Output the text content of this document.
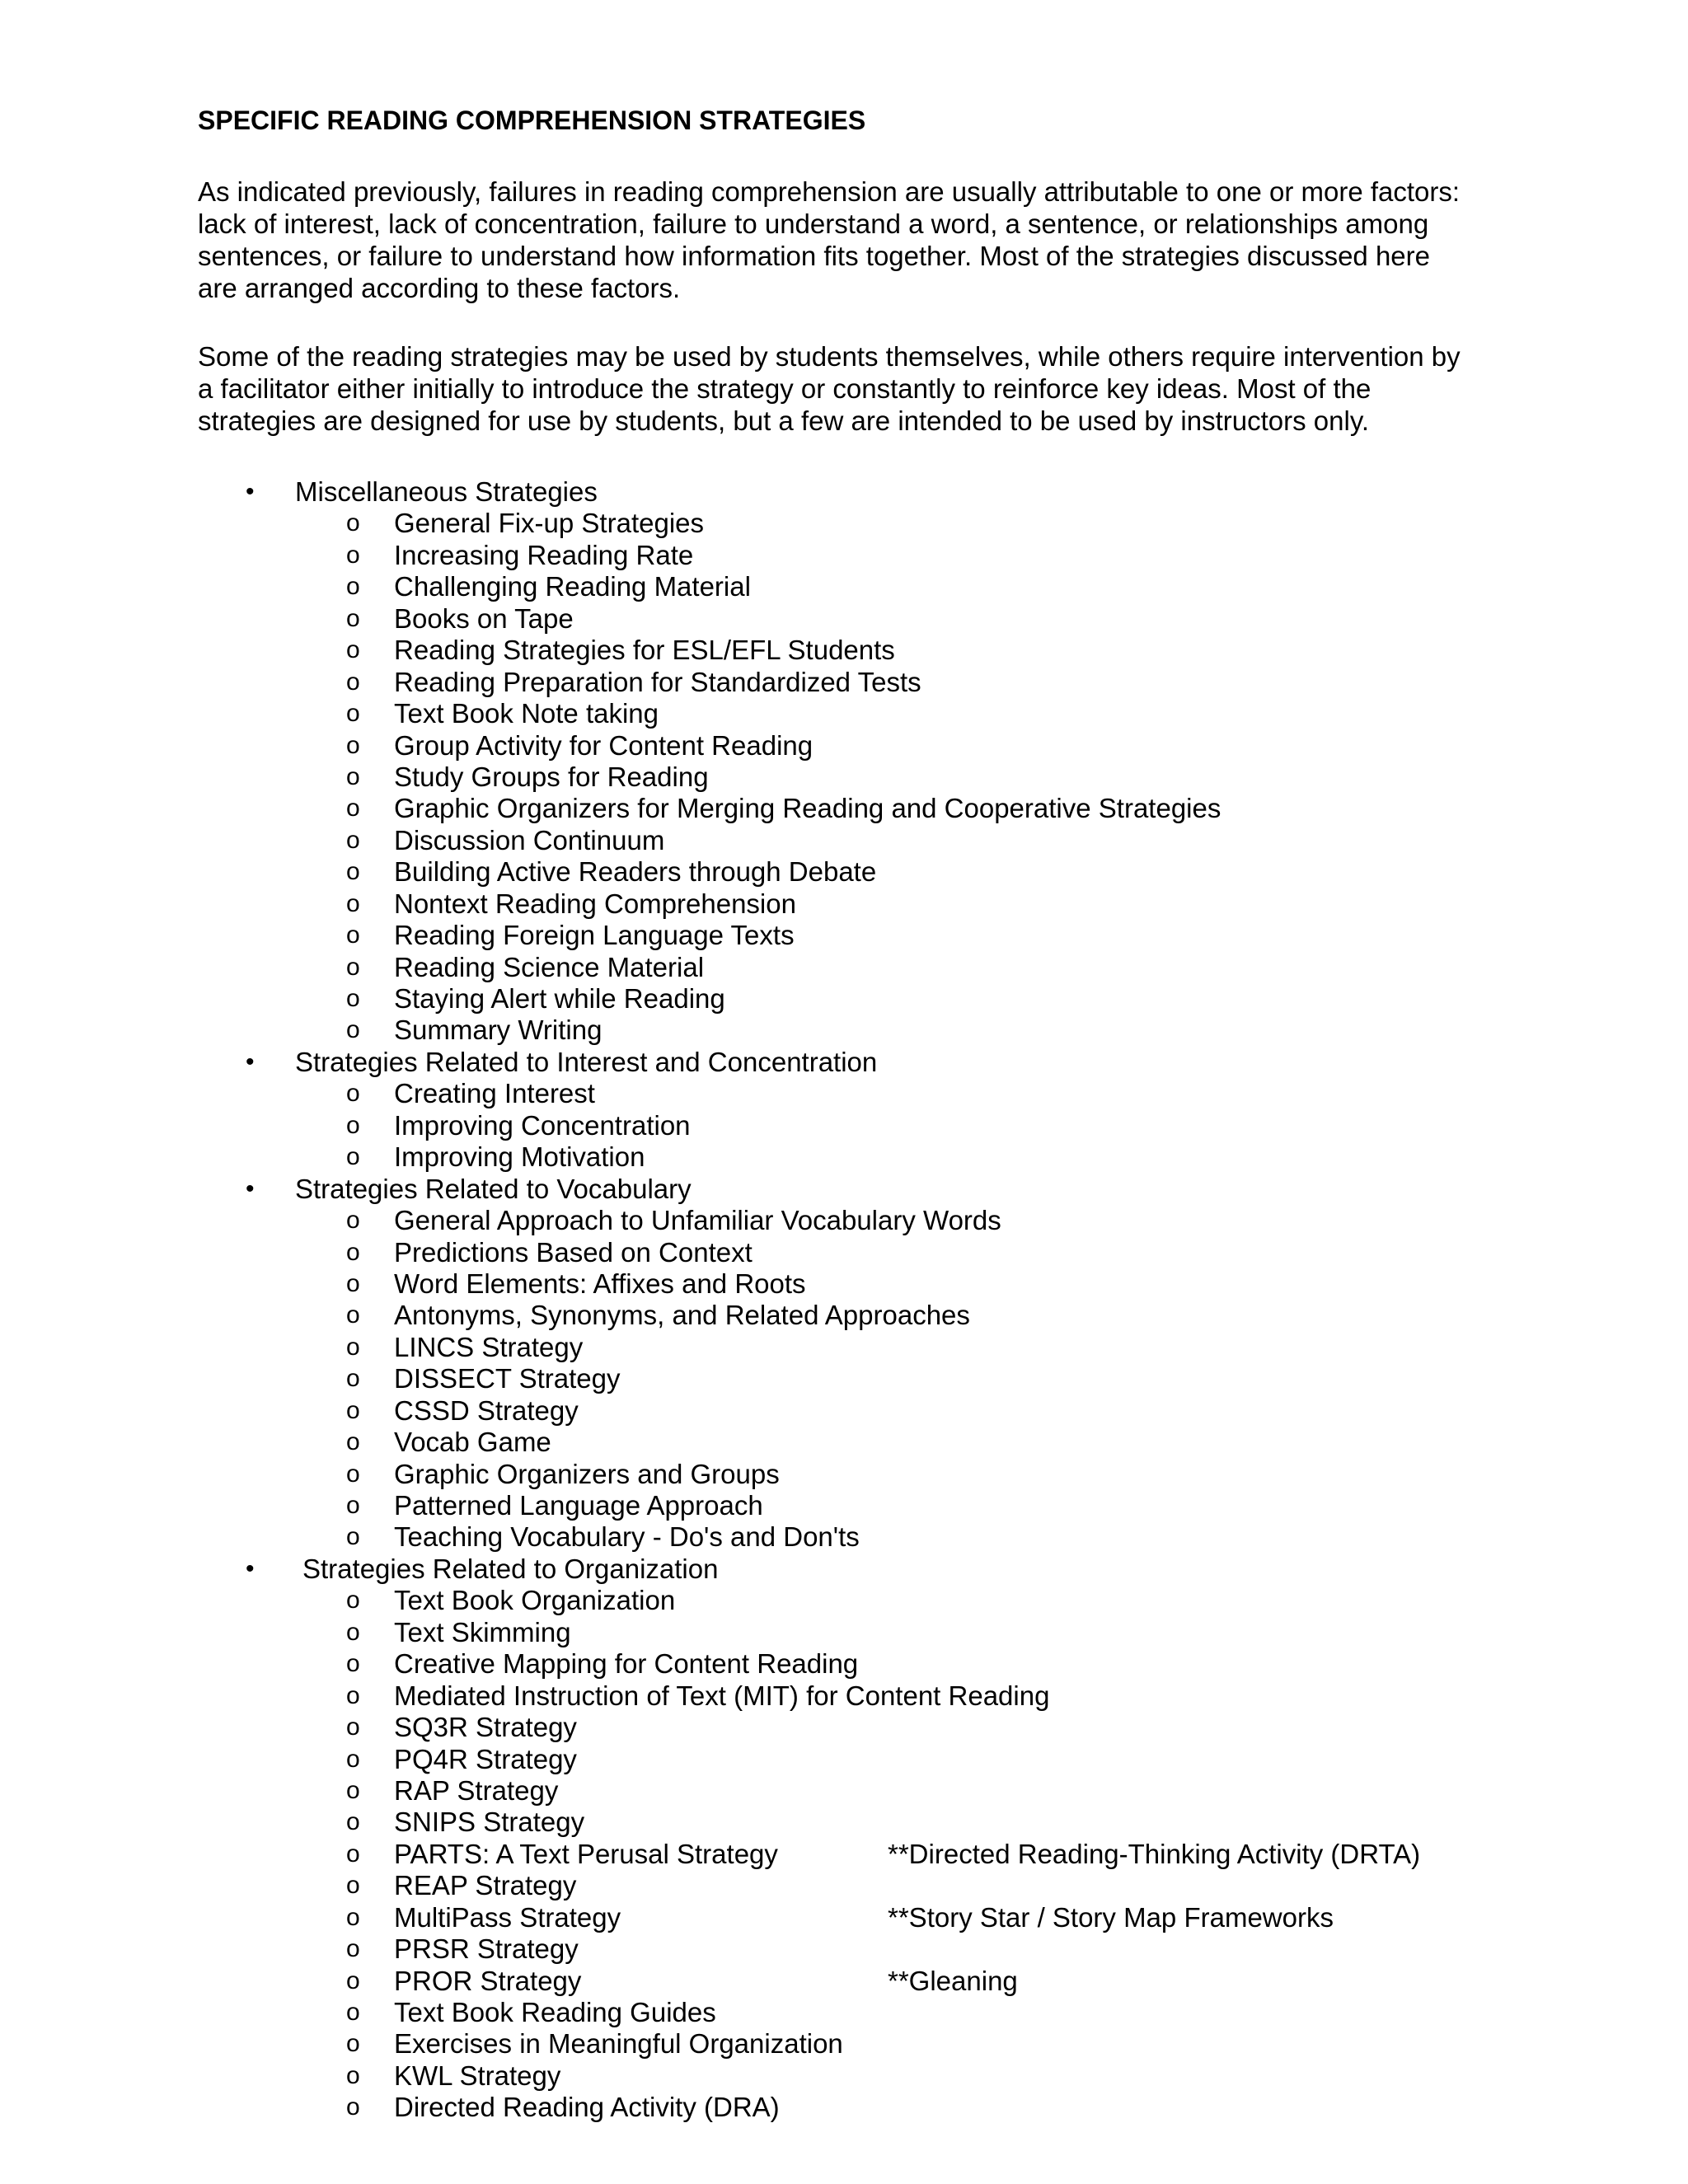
SPECIFIC READING COMPREHENSION STRATEGIES
As indicated previously, failures in reading comprehension are usually attributable to one or more factors:
lack of interest, lack of concentration, failure to understand a word, a sentence, or relationships among
sentences, or failure to understand how information fits together. Most of the strategies discussed here
are arranged according to these factors.
Some of the reading strategies may be used by students themselves, while others require intervention by
a facilitator either initially to introduce the strategy or constantly to reinforce key ideas. Most of the
strategies are designed for use by students, but a few are intended to be used by instructors only.
• Miscellaneous Strategies
o General Fix-up Strategies
o Increasing Reading Rate
o Challenging Reading Material
o Books on Tape
o Reading Strategies for ESL/EFL Students
o Reading Preparation for Standardized Tests
o Text Book Note taking
o Group Activity for Content Reading
o Study Groups for Reading
o Graphic Organizers for Merging Reading and Cooperative Strategies
o Discussion Continuum
o Building Active Readers through Debate
o Nontext Reading Comprehension
o Reading Foreign Language Texts
o Reading Science Material
o Staying Alert while Reading
o Summary Writing
• Strategies Related to Interest and Concentration
o Creating Interest
o Improving Concentration
o Improving Motivation
• Strategies Related to Vocabulary
o General Approach to Unfamiliar Vocabulary Words
o Predictions Based on Context
o Word Elements: Affixes and Roots
o Antonyms, Synonyms, and Related Approaches
o LINCS Strategy
o DISSECT Strategy
o CSSD Strategy
o Vocab Game
o Graphic Organizers and Groups
o Patterned Language Approach
o Teaching Vocabulary - Do's and Don'ts
• Strategies Related to Organization
o Text Book Organization
o Text Skimming
o Creative Mapping for Content Reading
o Mediated Instruction of Text (MIT) for Content Reading
o SQ3R Strategy
o PQ4R Strategy
o RAP Strategy
o SNIPS Strategy
o PARTS: A Text Perusal Strategy	**Directed Reading-Thinking Activity (DRTA)
o REAP Strategy
o MultiPass Strategy	**Story Star / Story Map Frameworks
o PRSR Strategy
o PROR Strategy	**Gleaning
o Text Book Reading Guides
o Exercises in Meaningful Organization
o KWL Strategy
o Directed Reading Activity (DRA)
